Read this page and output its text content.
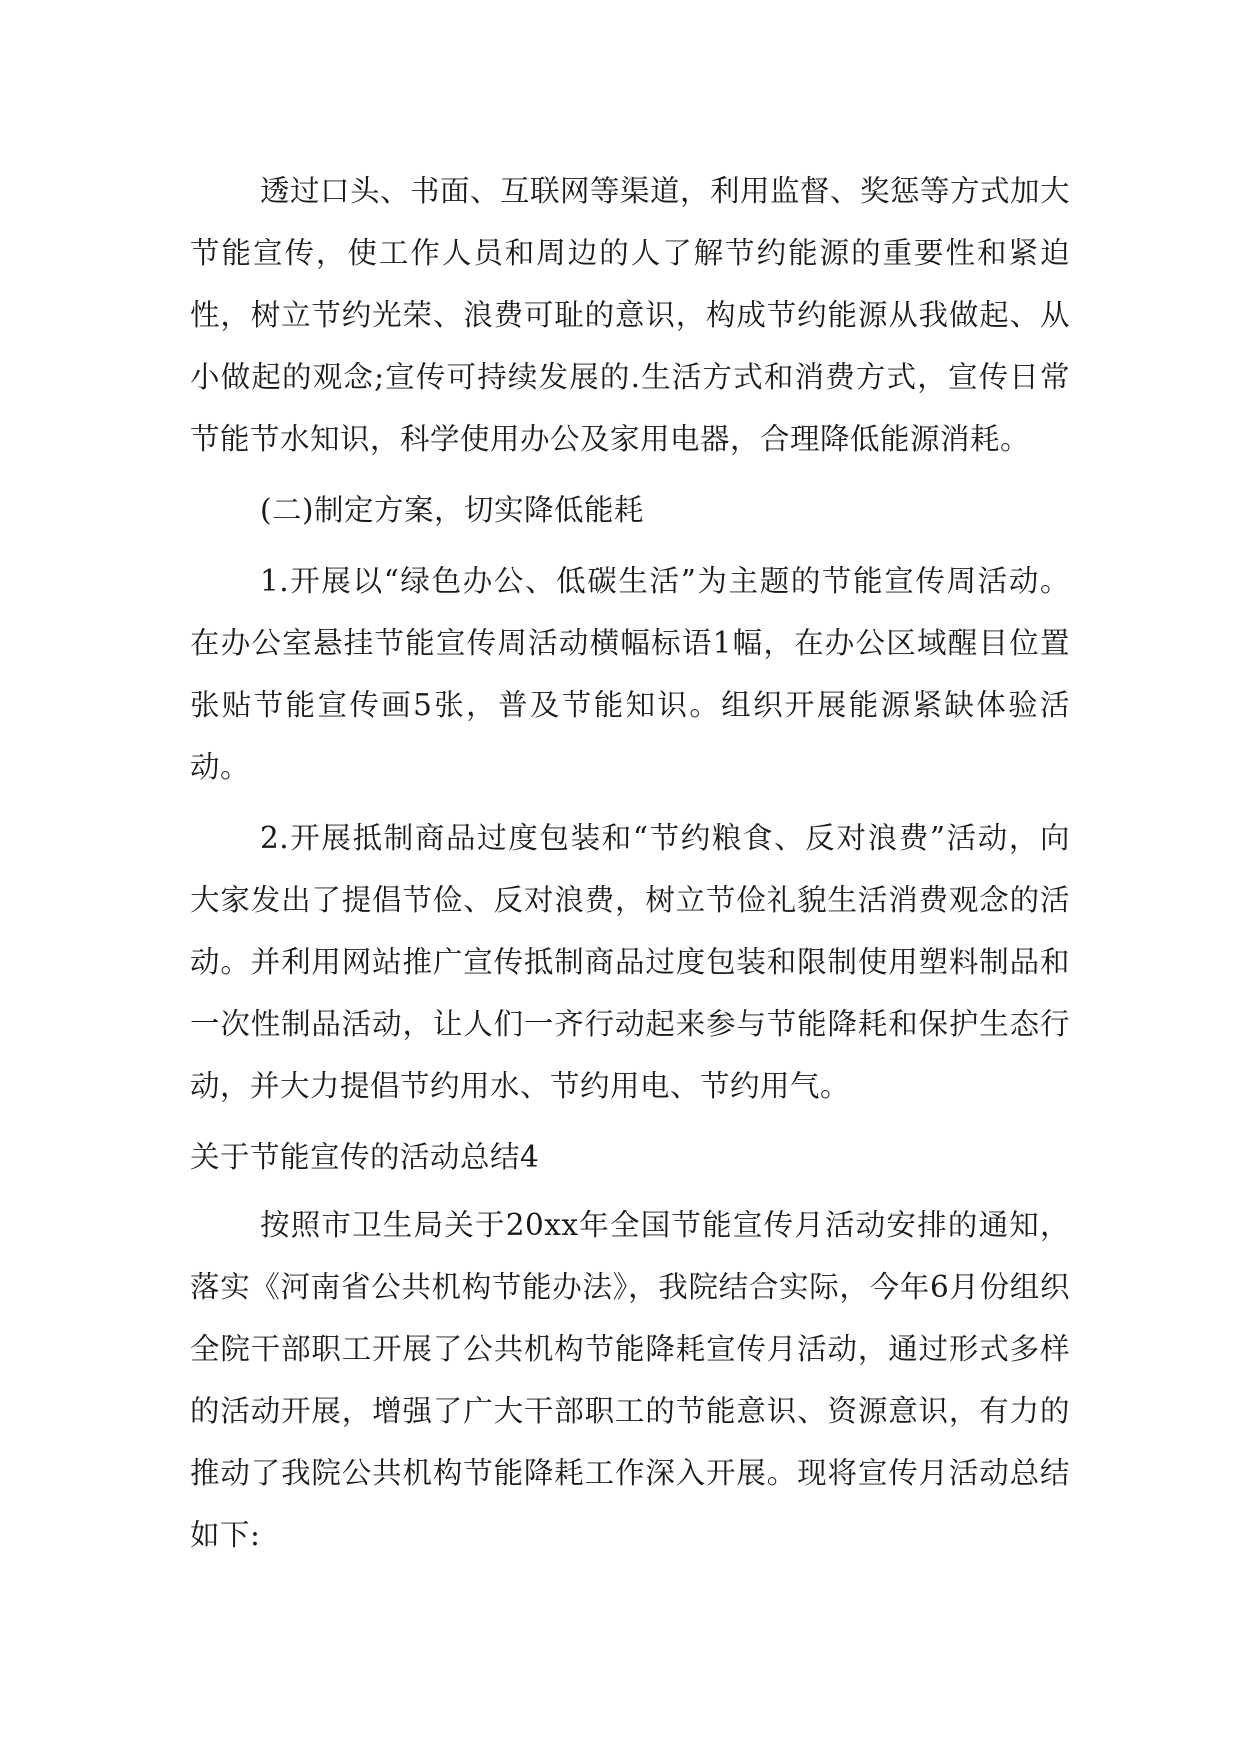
透过口头、书面、互联网等渠道，利用监督、奖惩等方式加大节能宣传，使工作人员和周边的人了解节约能源的重要性和紧迫性，树立节约光荣、浪费可耻的意识，构成节约能源从我做起、从小做起的观念;宣传可持续发展的.生活方式和消费方式，宣传日常节能节水知识，科学使用办公及家用电器，合理降低能源消耗。

(二)制定方案，切实降低能耗

1.开展以“绿色办公、低碳生活”为主题的节能宣传周活动。在办公室悬挂节能宣传周活动横幅标语1幅，在办公区域醒目位置张贴节能宣传画5张，普及节能知识。组织开展能源紧缺体验活动。

2.开展抵制商品过度包装和“节约粮食、反对浪费”活动，向大家发出了提倡节俭、反对浪费，树立节俭礼貌生活消费观念的活动。并利用网站推广宣传抵制商品过度包装和限制使用塑料制品和一次性制品活动，让人们一齐行动起来参与节能降耗和保护生态行动，并大力提倡节约用水、节约用电、节约用气。

关于节能宣传的活动总结4

按照市卫生局关于20xx年全国节能宣传月活动安排的通知，落实《河南省公共机构节能办法》，我院结合实际，今年6月份组织全院干部职工开展了公共机构节能降耗宣传月活动，通过形式多样的活动开展，增强了广大干部职工的节能意识、资源意识，有力的推动了我院公共机构节能降耗工作深入开展。现将宣传月活动总结如下:
